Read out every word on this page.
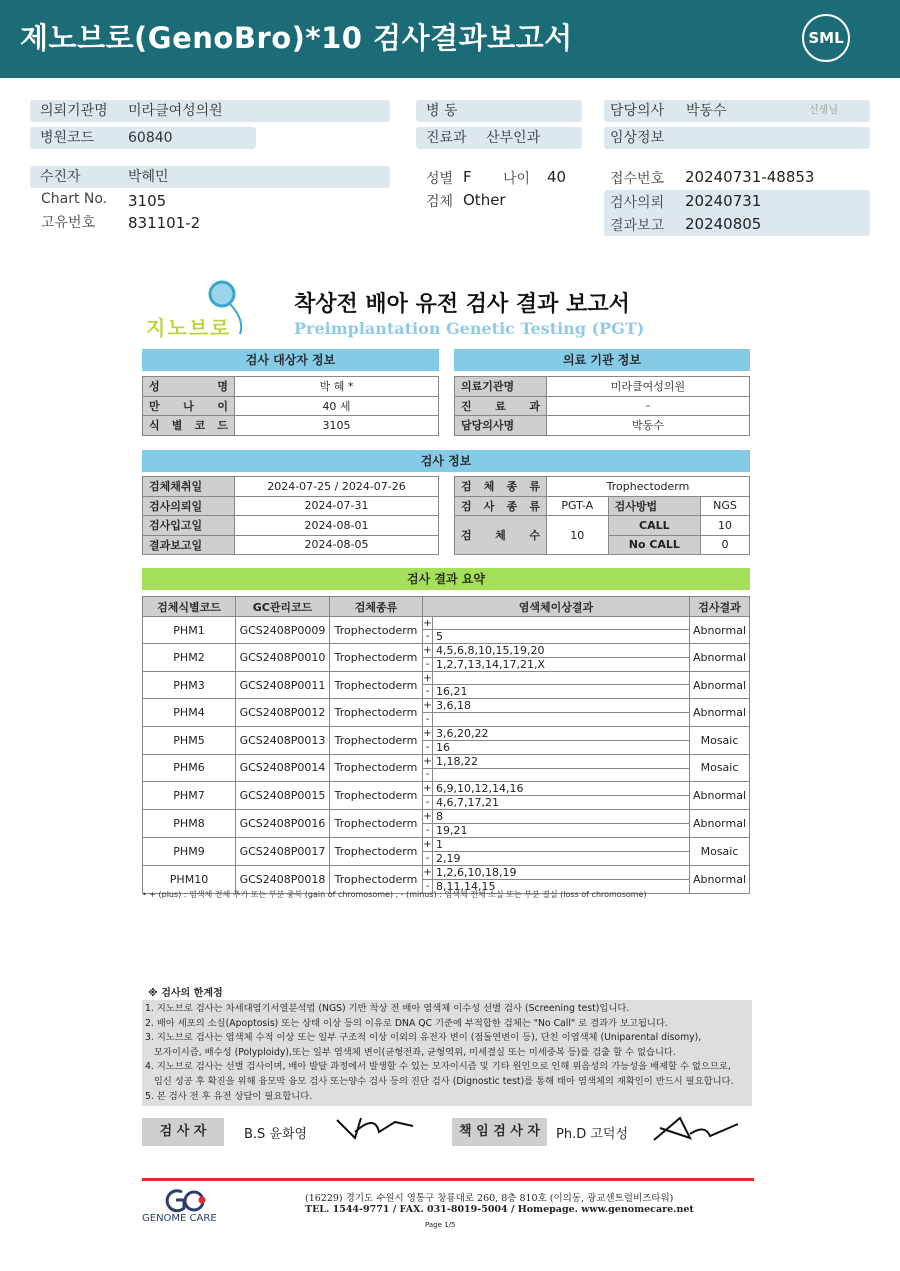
제노브로(GenoBro)*10 검사결과보고서	SML
의뢰기관명 미라클여성의원
병원코드 60840
병 동
진료과 산부인과
담당의사 박동수	선생님
임상정보
수진자	박혜민
Chart No. 3105
고유번호 831101-2
성별 F 나이 40
검체 Other
접수번호 20240731-48853
검사의뢰 20240731
결과보고 20240805
지노브로
착상전 배아 유전 검사 결과 보고서
Preimplantation Genetic Testing (PGT)
검사 대상자 정보	의료 기관 정보
성 명	박 혜 *
만 나 이	40 세
식 별 코 드	3105
의료기관명	미라클여성의원
진 료 과	-
담당의사명	박동수
검사 정보
검체채취일	2024-07-25 / 2024-07-26
검사의뢰일	2024-07-31
검사입고일	2024-08-01
결과보고일	2024-08-05
검 체 종 류	Trophectoderm		
검 사 종 류	PGT-A	검사방법	NGS
검 체 수	10	CALL	10
		No CALL	0
검사 결과 요약
검체식별코드	GC관리코드	검체종류	염색체이상결과		검사결과
PHM1	GCS2408P0009	Trophectoderm	+		Abnormal
			-	5	
PHM2	GCS2408P0010	Trophectoderm	+	4,5,6,8,10,15,19,20	Abnormal
			-	1,2,7,13,14,17,21,X	
PHM3	GCS2408P0011	Trophectoderm	+		Abnormal
			-	16,21	
PHM4	GCS2408P0012	Trophectoderm	+	3,6,18	Abnormal
			-		
PHM5	GCS2408P0013	Trophectoderm	+	3,6,20,22	Mosaic
			-	16	
PHM6	GCS2408P0014	Trophectoderm	+	1,18,22	Mosaic
			-		
PHM7	GCS2408P0015	Trophectoderm	+	6,9,10,12,14,16	Abnormal
			-	4,6,7,17,21	
PHM8	GCS2408P0016	Trophectoderm	+	8	Abnormal
			-	19,21	
PHM9	GCS2408P0017	Trophectoderm	+	1	Mosaic
			-	2,19	
PHM10	GCS2408P0018	Trophectoderm	+	1,2,6,10,18,19	Abnormal
			-	8,11,14,15	
• + (plus) : 염색체 전체 추가 또는 부분 중복 (gain of chromosome) , - (minus) : 염색체 전체 소실 또는 부분 결실 (loss of chromosome)
※ 검사의 한계점
1. 지노브로 검사는 차세대염기서열분석법 (NGS) 기반 착상 전 배아 염색체 이수성 선별 검사 (Screening test)입니다.
2. 배아 세포의 소실(Apoptosis) 또는 상태 이상 등의 이유로 DNA QC 기준에 부적합한 검체는 "No Call" 로 결과가 보고됩니다.
3. 지노브로 검사는 염색체 수적 이상 또는 일부 구조적 이상 이외의 유전자 변이 (점돌연변이 등), 단친 이염색체 (Uniparental disomy),
모자이시즘, 배수성 (Polyploidy),또는 일부 염색체 변이(균형전좌, 균형역위, 미세결실 또는 미세중복 등)를 검출 할 수 없습니다.
4. 지노브로 검사는 선별 검사이며, 배아 발달 과정에서 발생할 수 있는 모자이시즘 및 기타 원인으로 인해 위음성의 가능성을 배제할 수 없으므로,
임신 성공 후 확진을 위해 융모막 융모 검사 또는양수 검사 등의 진단 검사 (Dignostic test)를 통해 태아 염색체의 재확인이 반드시 필요합니다.
5. 본 검사 전 후 유전 상담이 필요합니다.
검 사 자	B.S 윤화영	책 임 검 사 자	Ph.D 고덕성
GENOME CARE
(16229) 경기도 수원시 영통구 창룡대로 260, 8층 810호 (이의동, 광교센트럴비즈타워)
TEL. 1544-9771 / FAX. 031-8019-5004 / Homepage. www.genomecare.net
Page 1/5
